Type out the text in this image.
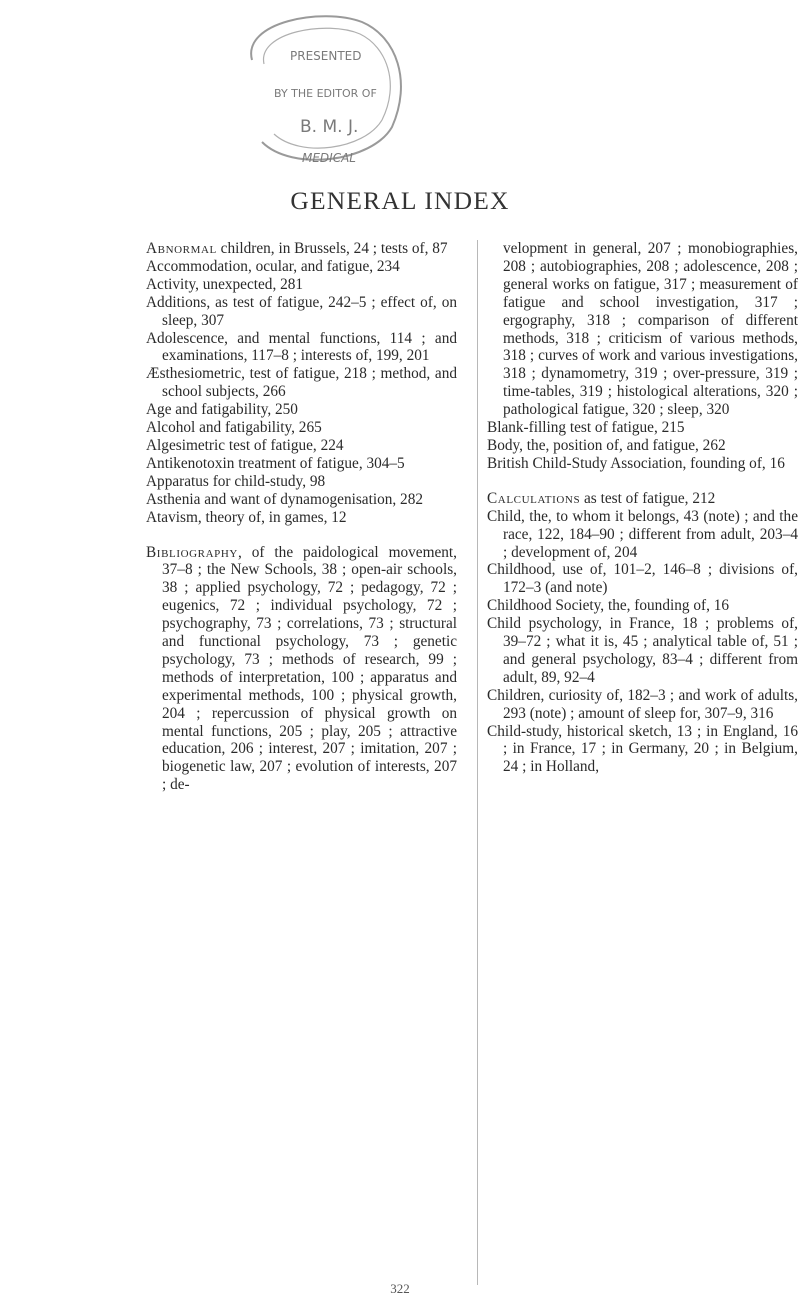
PRESENTED
BY THE EDITOR OF
B. M. J.
MEDICAL
GENERAL INDEX

Abnormal children, in Brussels, 24 ; tests of, 87

Accommodation, ocular, and fatigue, 234

Activity, unexpected, 281

Additions, as test of fatigue, 242–5 ; effect of, on sleep, 307

Adolescence, and mental functions, 114 ; and examinations, 117–8 ; interests of, 199, 201

Æsthesiometric, test of fatigue, 218 ; method, and school subjects, 266

Age and fatigability, 250

Alcohol and fatigability, 265

Algesimetric test of fatigue, 224

Antikenotoxin treatment of fatigue, 304–5

Apparatus for child-study, 98

Asthenia and want of dynamogenisation, 282

Atavism, theory of, in games, 12

Bibliography, of the paidological movement, 37–8 ; the New Schools, 38 ; open-air schools, 38 ; applied psychology, 72 ; pedagogy, 72 ; eugenics, 72 ; individual psychology, 72 ; psychography, 73 ; correlations, 73 ; structural and functional psychology, 73 ; genetic psychology, 73 ; methods of research, 99 ; methods of interpretation, 100 ; apparatus and experimental methods, 100 ; physical growth, 204 ; repercussion of physical growth on mental functions, 205 ; play, 205 ; attractive education, 206 ; interest, 207 ; imitation, 207 ; biogenetic law, 207 ; evolution of interests, 207 ; de-

velopment in general, 207 ; monobiographies, 208 ; autobiographies, 208 ; adolescence, 208 ; general works on fatigue, 317 ; measurement of fatigue and school investigation, 317 ; ergography, 318 ; comparison of different methods, 318 ; criticism of various methods, 318 ; curves of work and various investigations, 318 ; dynamometry, 319 ; over-pressure, 319 ; time-tables, 319 ; histological alterations, 320 ; pathological fatigue, 320 ; sleep, 320

Blank-filling test of fatigue, 215

Body, the, position of, and fatigue, 262

British Child-Study Association, founding of, 16

Calculations as test of fatigue, 212

Child, the, to whom it belongs, 43 (note) ; and the race, 122, 184–90 ; different from adult, 203–4 ; development of, 204

Childhood, use of, 101–2, 146–8 ; divisions of, 172–3 (and note)

Childhood Society, the, founding of, 16

Child psychology, in France, 18 ; problems of, 39–72 ; what it is, 45 ; analytical table of, 51 ; and general psychology, 83–4 ; different from adult, 89, 92–4

Children, curiosity of, 182–3 ; and work of adults, 293 (note) ; amount of sleep for, 307–9, 316

Child-study, historical sketch, 13 ; in England, 16 ; in France, 17 ; in Germany, 20 ; in Belgium, 24 ; in Holland,

322
